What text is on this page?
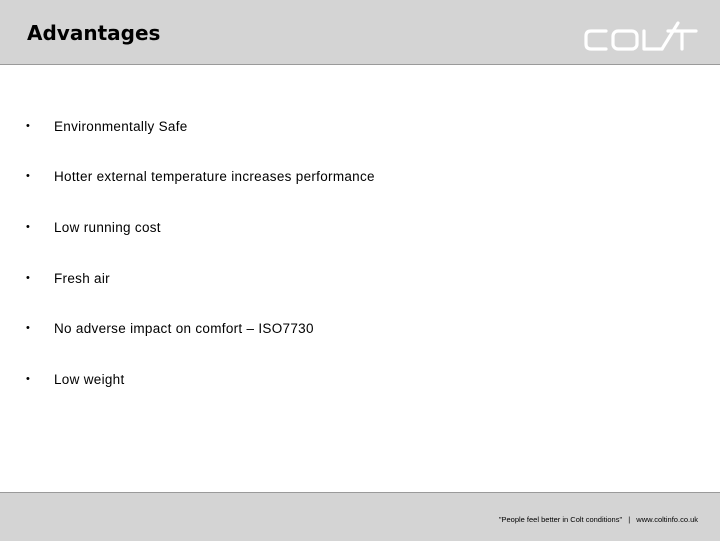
Advantages
• Environmentally Safe
• Hotter external temperature increases performance
• Low running cost
• Fresh air
• No adverse impact on comfort – ISO7730
• Low weight
"People feel better in Colt conditions" | www.coltinfo.co.uk
